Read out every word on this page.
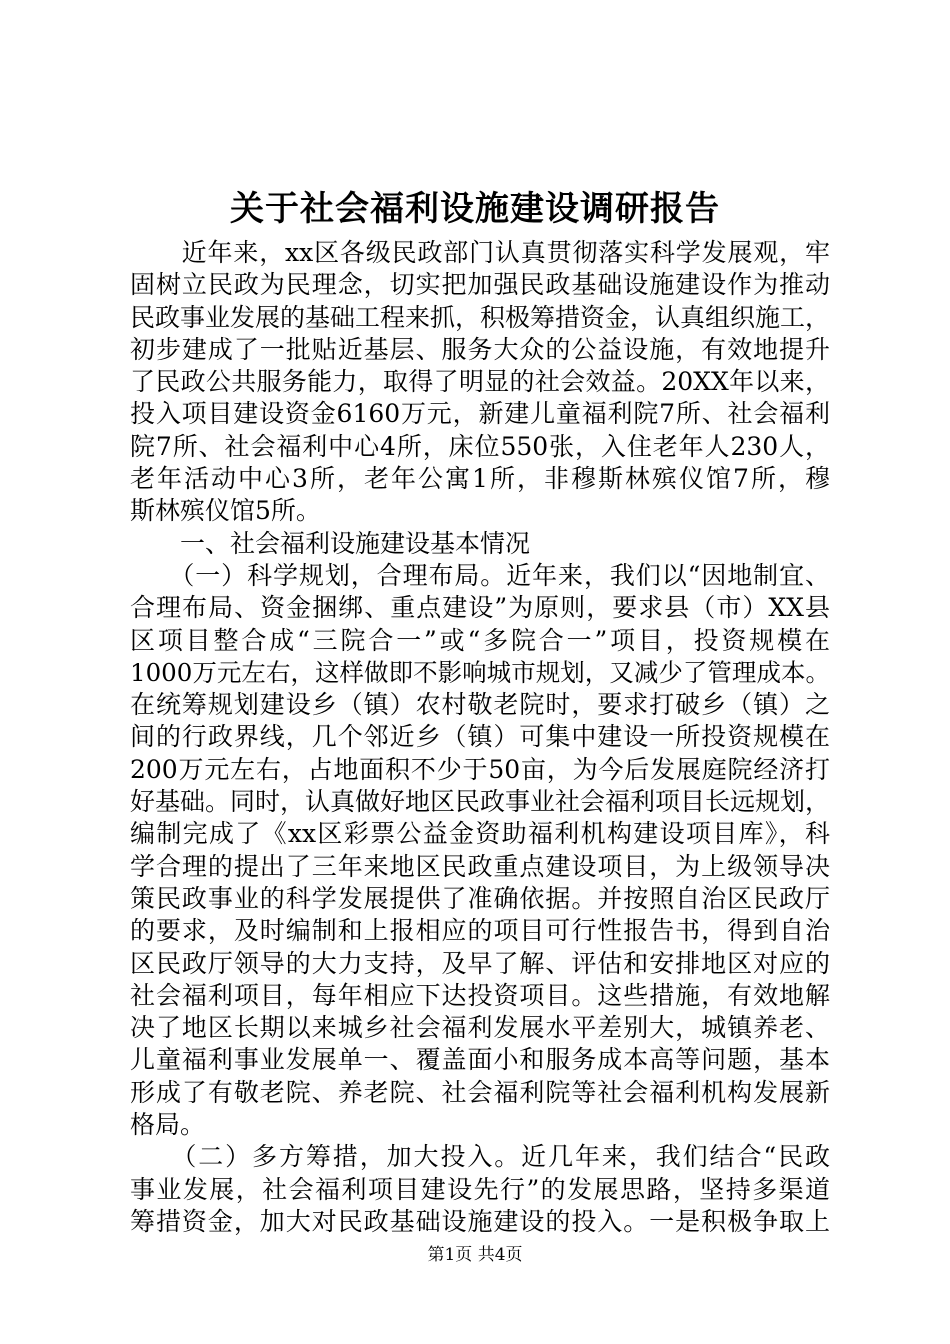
关于社会福利设施建设调研报告
　　近年来，xx区各级民政部门认真贯彻落实科学发展观，牢
固树立民政为民理念，切实把加强民政基础设施建设作为推动
民政事业发展的基础工程来抓，积极筹措资金，认真组织施工，
初步建成了一批贴近基层、服务大众的公益设施，有效地提升
了民政公共服务能力，取得了明显的社会效益。20XX年以来，
投入项目建设资金6160万元，新建儿童福利院7所、社会福利
院7所、社会福利中心4所，床位550张，入住老年人230人，
老年活动中心3所，老年公寓1所，非穆斯林殡仪馆7所，穆
斯林殡仪馆5所。
　　一、社会福利设施建设基本情况
　　（一）科学规划，合理布局。近年来，我们以“因地制宜、
合理布局、资金捆绑、重点建设”为原则，要求县（市）XX县
区项目整合成“三院合一”或“多院合一”项目，投资规模在
1000万元左右，这样做即不影响城市规划，又减少了管理成本。
在统筹规划建设乡（镇）农村敬老院时，要求打破乡（镇）之
间的行政界线，几个邻近乡（镇）可集中建设一所投资规模在
200万元左右，占地面积不少于50亩，为今后发展庭院经济打
好基础。同时，认真做好地区民政事业社会福利项目长远规划，
编制完成了《xx区彩票公益金资助福利机构建设项目库》，科
学合理的提出了三年来地区民政重点建设项目，为上级领导决
策民政事业的科学发展提供了准确依据。并按照自治区民政厅
的要求，及时编制和上报相应的项目可行性报告书，得到自治
区民政厅领导的大力支持，及早了解、评估和安排地区对应的
社会福利项目，每年相应下达投资项目。这些措施，有效地解
决了地区长期以来城乡社会福利发展水平差别大，城镇养老、
儿童福利事业发展单一、覆盖面小和服务成本高等问题，基本
形成了有敬老院、养老院、社会福利院等社会福利机构发展新
格局。
　　（二）多方筹措，加大投入。近几年来，我们结合“民政
事业发展，社会福利项目建设先行”的发展思路，坚持多渠道
筹措资金，加大对民政基础设施建设的投入。一是积极争取上
第1页 共4页
